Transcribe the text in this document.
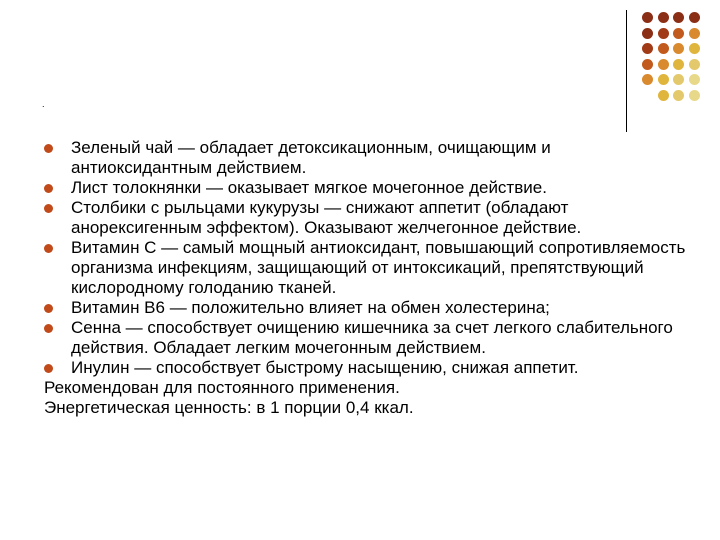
.
Зеленый чай — обладает детоксикационным, очищающим и антиоксидантным действием.
Лист толокнянки — оказывает мягкое мочегонное действие.
Столбики с рыльцами кукурузы — снижают аппетит (обладают анорексигенным эффектом). Оказывают желчегонное действие.
Витамин С — самый мощный антиоксидант, повышающий сопротивляемость организма инфекциям, защищающий от интоксикаций, препятствующий кислородному голоданию тканей.
Витамин В6 — положительно влияет на обмен холестерина;
Сенна — способствует очищению кишечника за счет легкого слабительного действия. Обладает легким мочегонным действием.
Инулин — способствует быстрому насыщению, снижая аппетит.
Рекомендован для постоянного применения.
Энергетическая ценность: в 1 порции 0,4 ккал.
